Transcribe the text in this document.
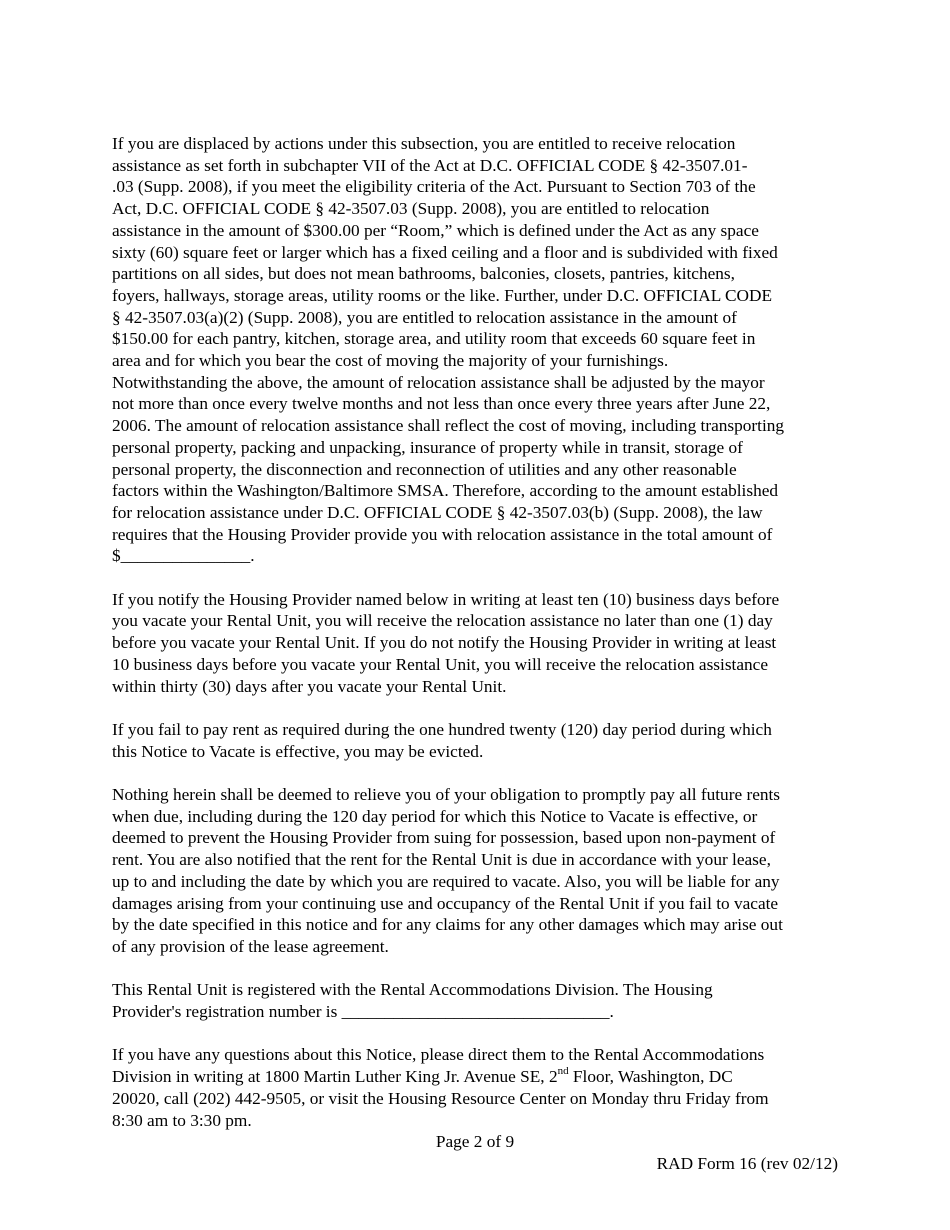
If you are displaced by actions under this subsection, you are entitled to receive relocation
assistance as set forth in subchapter VII of the Act at D.C. OFFICIAL CODE § 42-3507.01-
.03 (Supp. 2008), if you meet the eligibility criteria of the Act. Pursuant to Section 703 of the
Act, D.C. OFFICIAL CODE § 42-3507.03 (Supp. 2008), you are entitled to relocation
assistance in the amount of $300.00 per “Room,” which is defined under the Act as any space
sixty (60) square feet or larger which has a fixed ceiling and a floor and is subdivided with fixed
partitions on all sides, but does not mean bathrooms, balconies, closets, pantries, kitchens,
foyers, hallways, storage areas, utility rooms or the like. Further, under D.C. OFFICIAL CODE
§ 42-3507.03(a)(2) (Supp. 2008), you are entitled to relocation assistance in the amount of
$150.00 for each pantry, kitchen, storage area, and utility room that exceeds 60 square feet in
area and for which you bear the cost of moving the majority of your furnishings.
Notwithstanding the above, the amount of relocation assistance shall be adjusted by the mayor
not more than once every twelve months and not less than once every three years after June 22,
2006. The amount of relocation assistance shall reflect the cost of moving, including transporting
personal property, packing and unpacking, insurance of property while in transit, storage of
personal property, the disconnection and reconnection of utilities and any other reasonable
factors within the Washington/Baltimore SMSA. Therefore, according to the amount established
for relocation assistance under D.C. OFFICIAL CODE § 42-3507.03(b) (Supp. 2008), the law
requires that the Housing Provider provide you with relocation assistance in the total amount of
$_______________.

If you notify the Housing Provider named below in writing at least ten (10) business days before
you vacate your Rental Unit, you will receive the relocation assistance no later than one (1) day
before you vacate your Rental Unit. If you do not notify the Housing Provider in writing at least
10 business days before you vacate your Rental Unit, you will receive the relocation assistance
within thirty (30) days after you vacate your Rental Unit.

If you fail to pay rent as required during the one hundred twenty (120) day period during which
this Notice to Vacate is effective, you may be evicted.

Nothing herein shall be deemed to relieve you of your obligation to promptly pay all future rents
when due, including during the 120 day period for which this Notice to Vacate is effective, or
deemed to prevent the Housing Provider from suing for possession, based upon non-payment of
rent. You are also notified that the rent for the Rental Unit is due in accordance with your lease,
up to and including the date by which you are required to vacate. Also, you will be liable for any
damages arising from your continuing use and occupancy of the Rental Unit if you fail to vacate
by the date specified in this notice and for any claims for any other damages which may arise out
of any provision of the lease agreement.

This Rental Unit is registered with the Rental Accommodations Division. The Housing
Provider's registration number is _______________________________.

If you have any questions about this Notice, please direct them to the Rental Accommodations
Division in writing at 1800 Martin Luther King Jr. Avenue SE, 2nd Floor, Washington, DC
20020, call (202) 442-9505, or visit the Housing Resource Center on Monday thru Friday from
8:30 am to 3:30 pm.

Page 2 of 9
RAD Form 16 (rev 02/12)
